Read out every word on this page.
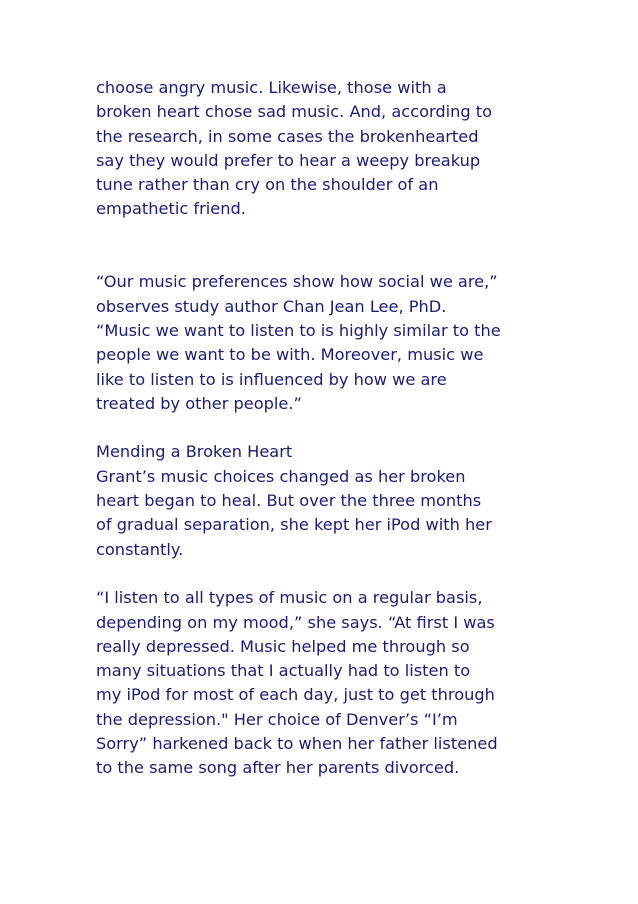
choose angry music. Likewise, those with a
broken heart chose sad music. And, according to
the research, in some cases the brokenhearted
say they would prefer to hear a weepy breakup
tune rather than cry on the shoulder of an
empathetic friend.
“Our music preferences show how social we are,”
observes study author Chan Jean Lee, PhD.
“Music we want to listen to is highly similar to the
people we want to be with. Moreover, music we
like to listen to is influenced by how we are
treated by other people.”
Mending a Broken Heart
Grant’s music choices changed as her broken
heart began to heal. But over the three months
of gradual separation, she kept her iPod with her
constantly.
“I listen to all types of music on a regular basis,
depending on my mood,” she says. “At first I was
really depressed. Music helped me through so
many situations that I actually had to listen to
my iPod for most of each day, just to get through
the depression." Her choice of Denver’s “I’m
Sorry” harkened back to when her father listened
to the same song after her parents divorced.
